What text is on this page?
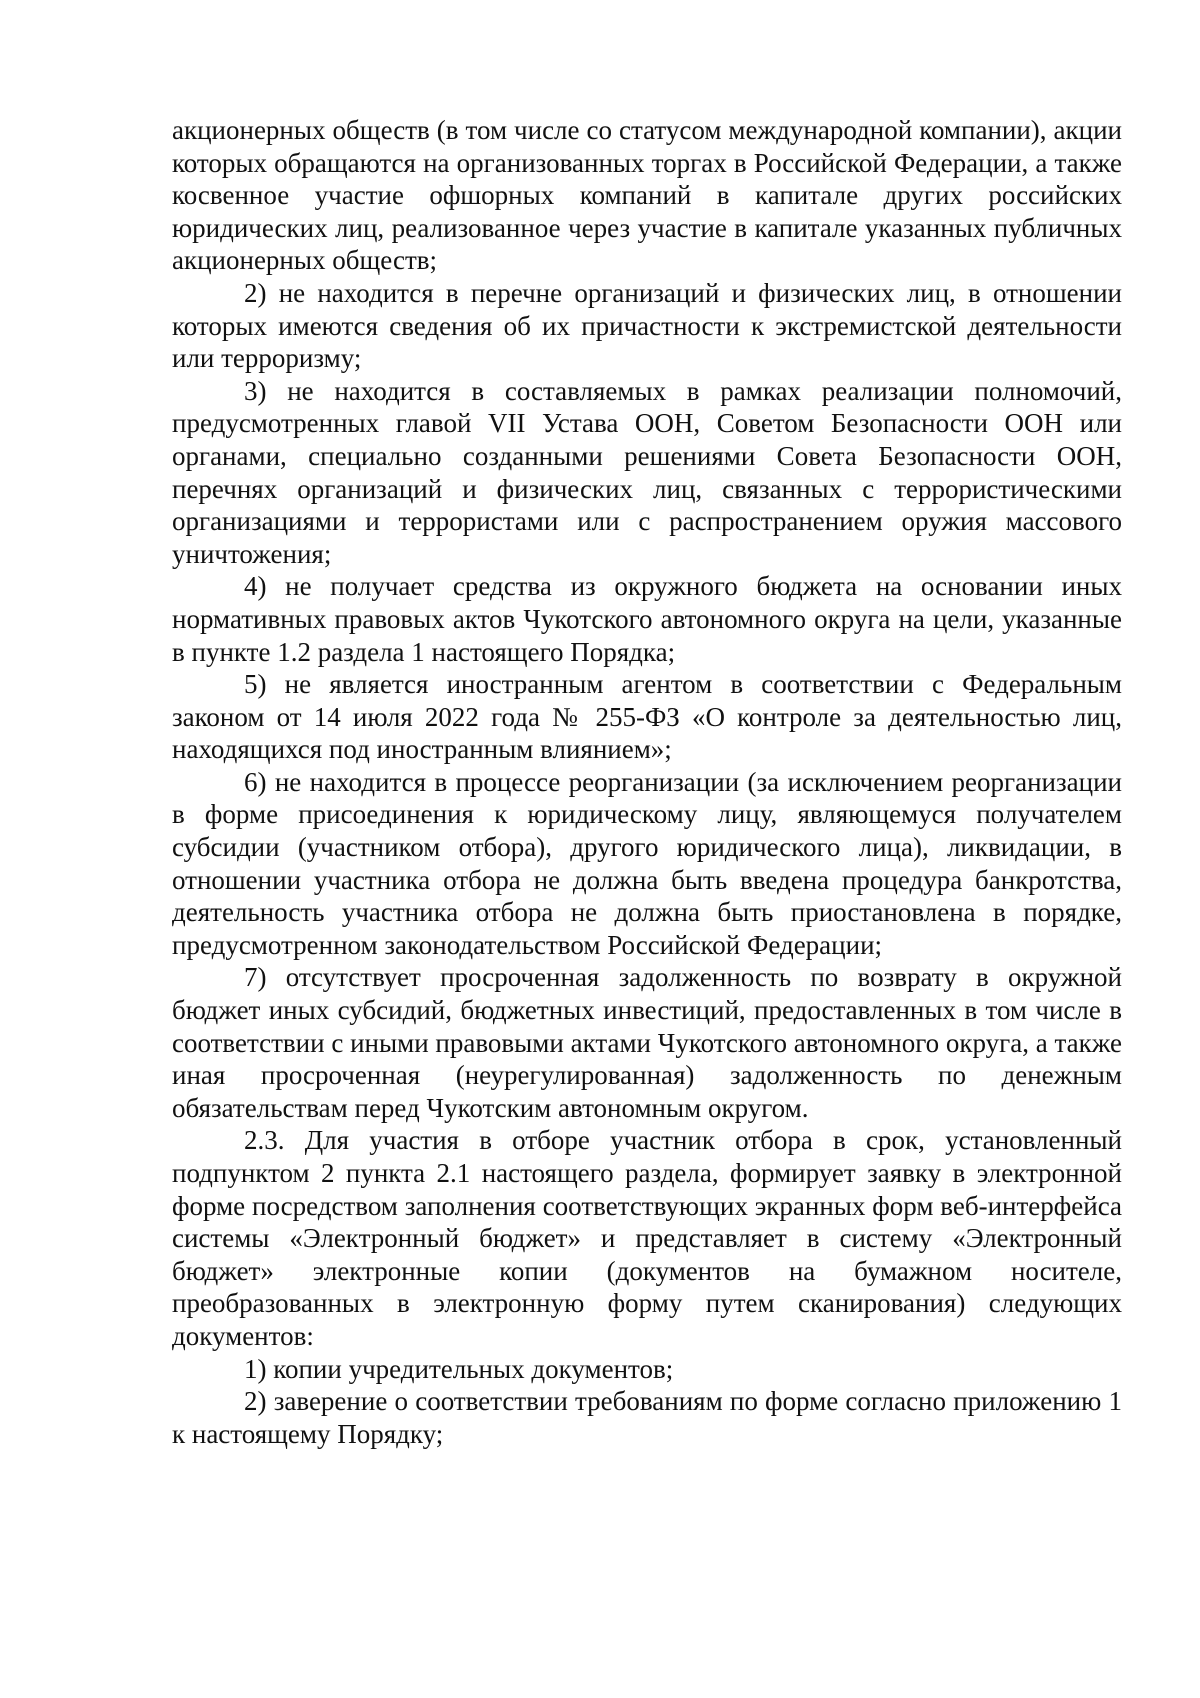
акционерных обществ (в том числе со статусом международной компании), акции которых обращаются на организованных торгах в Российской Федерации, а также косвенное участие офшорных компаний в капитале других российских юридических лиц, реализованное через участие в капитале указанных публичных акционерных обществ;

2) не находится в перечне организаций и физических лиц, в отношении которых имеются сведения об их причастности к экстремистской деятельности или терроризму;

3) не находится в составляемых в рамках реализации полномочий, предусмотренных главой VII Устава ООН, Советом Безопасности ООН или органами, специально созданными решениями Совета Безопасности ООН, перечнях организаций и физических лиц, связанных с террористическими организациями и террористами или с распространением оружия массового уничтожения;

4) не получает средства из окружного бюджета на основании иных нормативных правовых актов Чукотского автономного округа на цели, указанные в пункте 1.2 раздела 1 настоящего Порядка;

5) не является иностранным агентом в соответствии с Федеральным законом от 14 июля 2022 года № 255-ФЗ «О контроле за деятельностью лиц, находящихся под иностранным влиянием»;

6) не находится в процессе реорганизации (за исключением реорганизации в форме присоединения к юридическому лицу, являющемуся получателем субсидии (участником отбора), другого юридического лица), ликвидации, в отношении участника отбора не должна быть введена процедура банкротства, деятельность участника отбора не должна быть приостановлена в порядке, предусмотренном законодательством Российской Федерации;

7) отсутствует просроченная задолженность по возврату в окружной бюджет иных субсидий, бюджетных инвестиций, предоставленных в том числе в соответствии с иными правовыми актами Чукотского автономного округа, а также иная просроченная (неурегулированная) задолженность по денежным обязательствам перед Чукотским автономным округом.

2.3. Для участия в отборе участник отбора в срок, установленный подпунктом 2 пункта 2.1 настоящего раздела, формирует заявку в электронной форме посредством заполнения соответствующих экранных форм веб-интерфейса системы «Электронный бюджет» и представляет в систему «Электронный бюджет» электронные копии (документов на бумажном носителе, преобразованных в электронную форму путем сканирования) следующих документов:

1) копии учредительных документов;

2) заверение о соответствии требованиям по форме согласно приложению 1 к настоящему Порядку;
